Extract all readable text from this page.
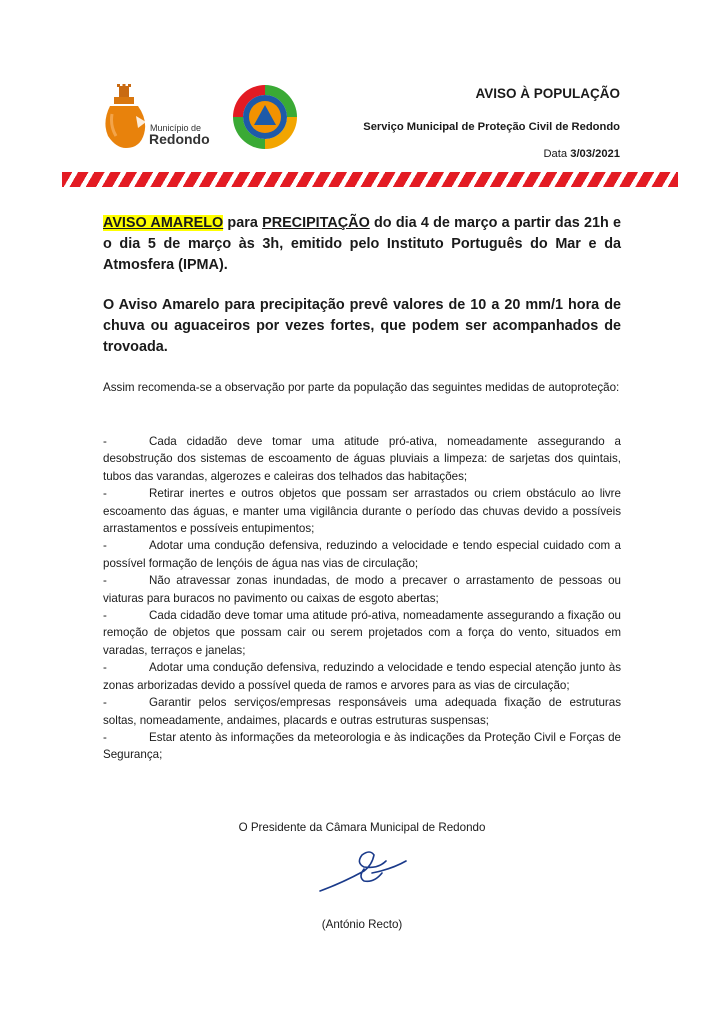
Município de
Redondo
AVISO À POPULAÇÃO
Serviço Municipal de Proteção Civil de Redondo
Data 3/03/2021

AVISO AMARELO para PRECIPITAÇÃO do dia 4 de março a partir das 21h e o dia 5 de março às 3h, emitido pelo Instituto Português do Mar e da Atmosfera (IPMA).

O Aviso Amarelo para precipitação prevê valores de 10 a 20 mm/1 hora de chuva ou aguaceiros por vezes fortes, que podem ser acompanhados de trovoada.
Assim recomenda-se a observação por parte da população das seguintes medidas de autoproteção:

-	Cada cidadão deve tomar uma atitude pró-ativa, nomeadamente assegurando a desobstrução dos sistemas de escoamento de águas pluviais a limpeza: de sarjetas dos quintais, tubos das varandas, algerozes e caleiras dos telhados das habitações;

-	Retirar inertes e outros objetos que possam ser arrastados ou criem obstáculo ao livre escoamento das águas, e manter uma vigilância durante o período das chuvas devido a possíveis arrastamentos e possíveis entupimentos;

-	Adotar uma condução defensiva, reduzindo a velocidade e tendo especial cuidado com a possível formação de lençóis de água nas vias de circulação;

-	Não atravessar zonas inundadas, de modo a precaver o arrastamento de pessoas ou viaturas para buracos no pavimento ou caixas de esgoto abertas;

-	Cada cidadão deve tomar uma atitude pró-ativa, nomeadamente assegurando a fixação ou remoção de objetos que possam cair ou serem projetados com a força do vento, situados em varadas, terraços e janelas;

-	Adotar uma condução defensiva, reduzindo a velocidade e tendo especial atenção junto às zonas arborizadas devido a possível queda de ramos e arvores para as vias de circulação;

-	Garantir pelos serviços/empresas responsáveis uma adequada fixação de estruturas soltas, nomeadamente, andaimes, placards e outras estruturas suspensas;

-	Estar atento às informações da meteorologia e às indicações da Proteção Civil e Forças de Segurança;

O Presidente da Câmara Municipal de Redondo
(António Recto)
